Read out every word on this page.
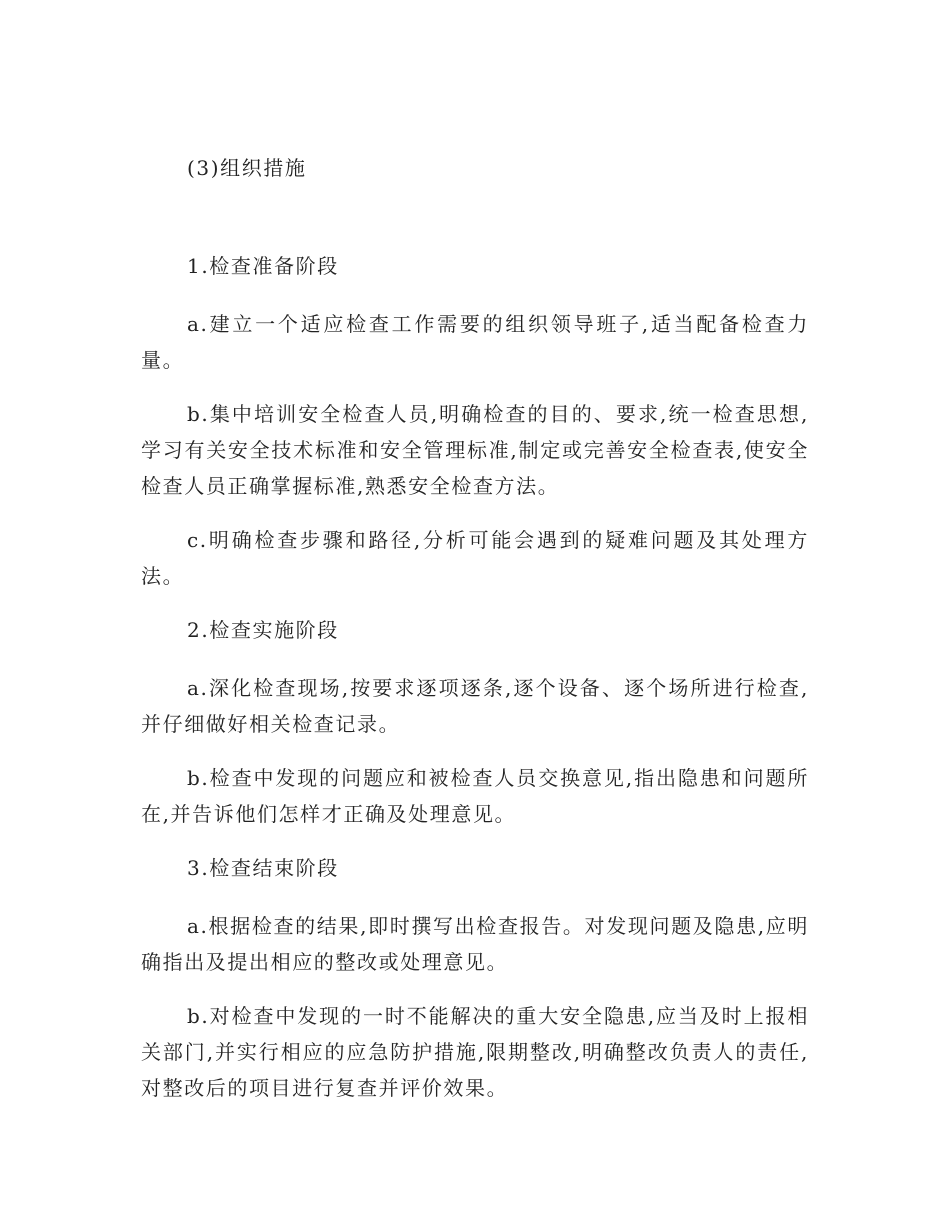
(3)组织措施

1.检查准备阶段

a.建立一个适应检查工作需要的组织领导班子,适当配备检查力量。

b.集中培训安全检查人员,明确检查的目的、要求,统一检查思想,学习有关安全技术标准和安全管理标准,制定或完善安全检查表,使安全检查人员正确掌握标准,熟悉安全检查方法。

c.明确检查步骤和路径,分析可能会遇到的疑难问题及其处理方法。

2.检查实施阶段

a.深化检查现场,按要求逐项逐条,逐个设备、逐个场所进行检查,并仔细做好相关检查记录。

b.检查中发现的问题应和被检查人员交换意见,指出隐患和问题所在,并告诉他们怎样才正确及处理意见。

3.检查结束阶段

a.根据检查的结果,即时撰写出检查报告。对发现问题及隐患,应明确指出及提出相应的整改或处理意见。

b.对检查中发现的一时不能解决的重大安全隐患,应当及时上报相关部门,并实行相应的应急防护措施,限期整改,明确整改负责人的责任,对整改后的项目进行复查并评价效果。
